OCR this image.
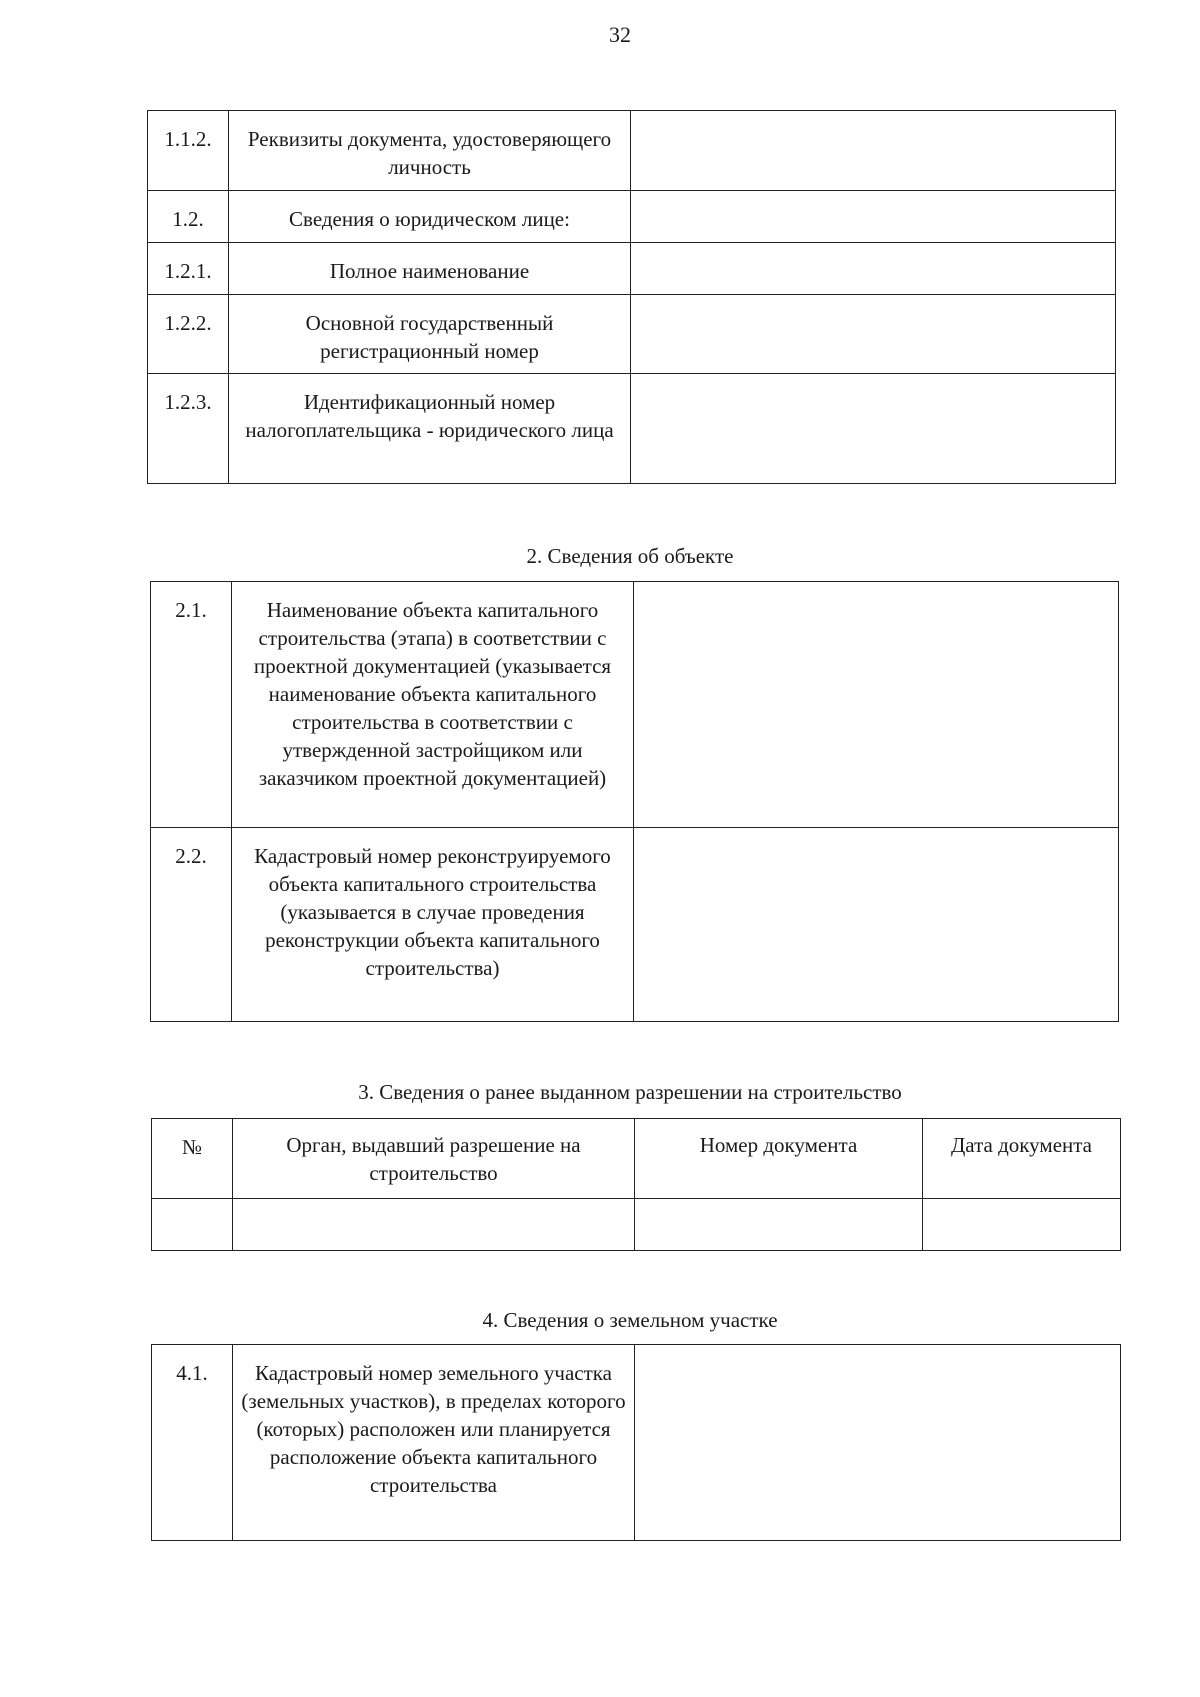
32
1.1.2.	Реквизиты документа, удостоверяющего личность	
1.2.	Сведения о юридическом лице:	
1.2.1.	Полное наименование	
1.2.2.	Основной государственный регистрационный номер	
1.2.3.	Идентификационный номер налогоплательщика - юридического лица	
2. Сведения об объекте
2.1.	Наименование объекта капитального строительства (этапа) в соответствии с проектной документацией (указывается наименование объекта капитального строительства в соответствии с утвержденной застройщиком или заказчиком проектной документацией)	
2.2.	Кадастровый номер реконструируемого объекта капитального строительства (указывается в случае проведения реконструкции объекта капитального строительства)	
3. Сведения о ранее выданном разрешении на строительство
№	Орган, выдавший разрешение на строительство	Номер документа	Дата документа

4. Сведения о земельном участке
4.1.	Кадастровый номер земельного участка (земельных участков), в пределах которого (которых) расположен или планируется расположение объекта капитального строительства	
